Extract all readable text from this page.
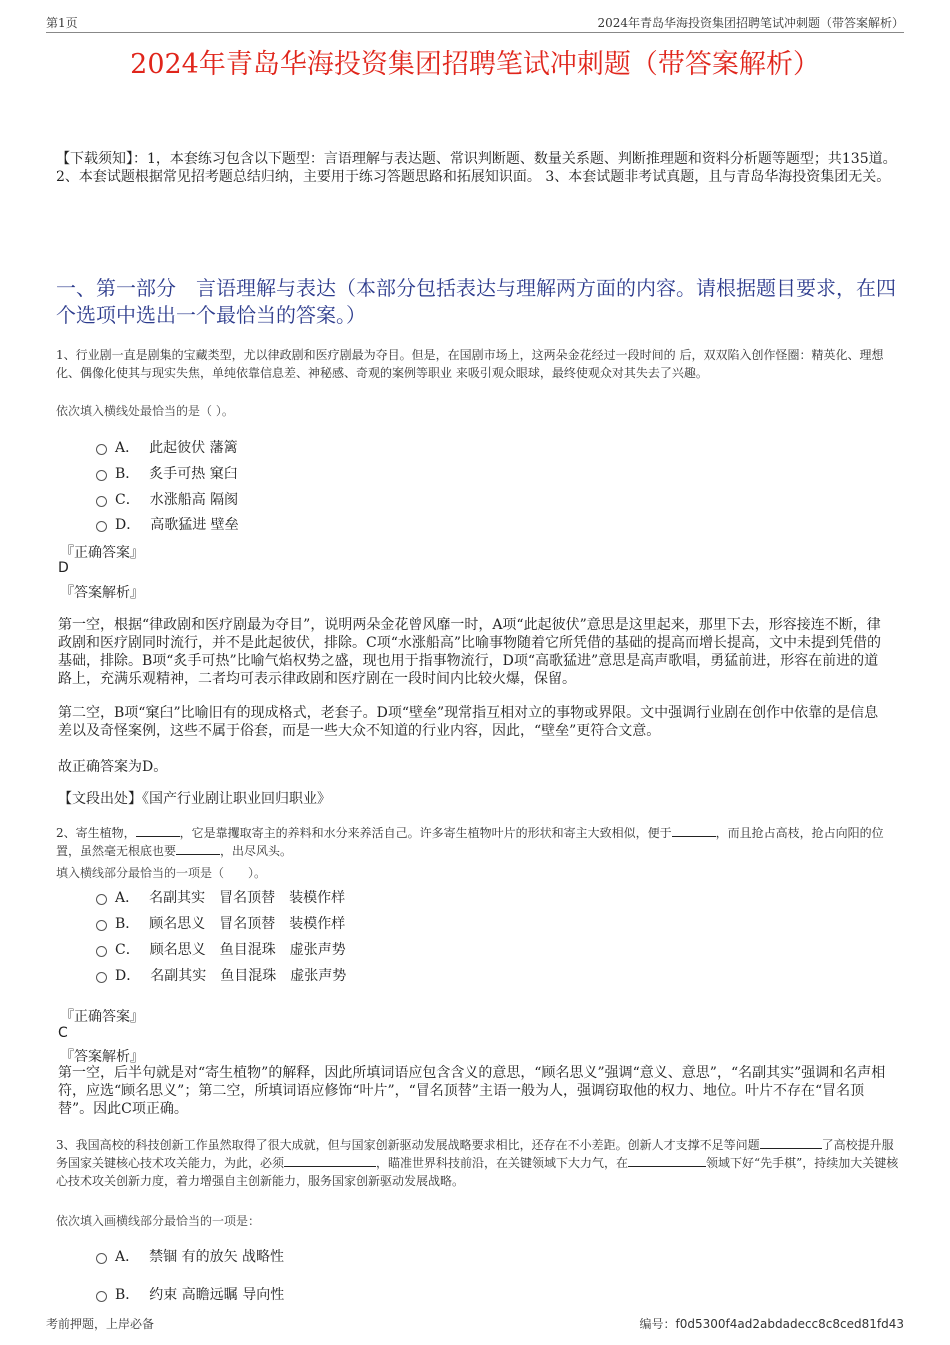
第1页	2024年青岛华海投资集团招聘笔试冲刺题（带答案解析）
2024年青岛华海投资集团招聘笔试冲刺题（带答案解析）
【下载须知】：1，本套练习包含以下题型：言语理解与表达题、常识判断题、数量关系题、判断推理题和资料分析题等题型；共135道。 2、本套试题根据常见招考题总结归纳，主要用于练习答题思路和拓展知识面。 3、本套试题非考试真题，且与青岛华海投资集团无关。
一、第一部分　言语理解与表达（本部分包括表达与理解两方面的内容。请根据题目要求，在四个选项中选出一个最恰当的答案。）
1、行业剧一直是剧集的宝藏类型，尤以律政剧和医疗剧最为夺目。但是，在国剧市场上，这两朵金花经过一段时间的 后，双双陷入创作怪圈：精英化、理想化、偶像化使其与现实失焦，单纯依靠信息差、神秘感、奇观的案例等职业 来吸引观众眼球，最终使观众对其失去了兴趣。
依次填入横线处最恰当的是（ ）。
A． 此起彼伏 藩篱
B． 炙手可热 窠臼
C． 水涨船高 隔阂
D． 高歌猛进 壁垒
『正确答案』
D
『答案解析』
第一空，根据“律政剧和医疗剧最为夺目”，说明两朵金花曾风靡一时，A项“此起彼伏”意思是这里起来，那里下去，形容接连不断，律政剧和医疗剧同时流行，并不是此起彼伏，排除。C项“水涨船高”比喻事物随着它所凭借的基础的提高而增长提高，文中未提到凭借的基础，排除。B项“炙手可热”比喻气焰权势之盛，现也用于指事物流行，D项“高歌猛进”意思是高声歌唱，勇猛前进，形容在前进的道路上，充满乐观精神，二者均可表示律政剧和医疗剧在一段时间内比较火爆，保留。
第二空，B项“窠臼”比喻旧有的现成格式，老套子。D项“壁垒”现常指互相对立的事物或界限。文中强调行业剧在创作中依靠的是信息差以及奇怪案例，这些不属于俗套，而是一些大众不知道的行业内容，因此，“壁垒”更符合文意。
故正确答案为D。
【文段出处】《国产行业剧让职业回归职业》
2、寄生植物，	，它是靠攫取寄主的养料和水分来养活自己。许多寄生植物叶片的形状和寄主大致相似，便于	，而且抢占高枝，抢占向阳的位置，虽然毫无根底也要	，出尽风头。
填入横线部分最恰当的一项是（　　）。
A． 名副其实　冒名顶替　装模作样
B． 顾名思义　冒名顶替　装模作样
C． 顾名思义　鱼目混珠　虚张声势
D． 名副其实　鱼目混珠　虚张声势
『正确答案』
C
『答案解析』
第一空，后半句就是对“寄生植物”的解释，因此所填词语应包含含义的意思，“顾名思义”强调“意义、意思”，“名副其实”强调和名声相符，应选“顾名思义”；第二空，所填词语应修饰“叶片”，“冒名顶替”主语一般为人，强调窃取他的权力、地位。叶片不存在“冒名顶替”。因此C项正确。
3、我国高校的科技创新工作虽然取得了很大成就，但与国家创新驱动发展战略要求相比，还存在不小差距。创新人才支撑不足等问题	了高校提升服务国家关键核心技术攻关能力，为此，必须	，瞄准世界科技前沿，在关键领域下大力气，在	领域下好“先手棋”，持续加大关键核心技术攻关创新力度，着力增强自主创新能力，服务国家创新驱动发展战略。
依次填入画横线部分最恰当的一项是：
A． 禁锢 有的放矢 战略性
B． 约束 高瞻远瞩 导向性
考前押题，上岸必备	编号：f0d5300f4ad2abdadecc8c8ced81fd43
